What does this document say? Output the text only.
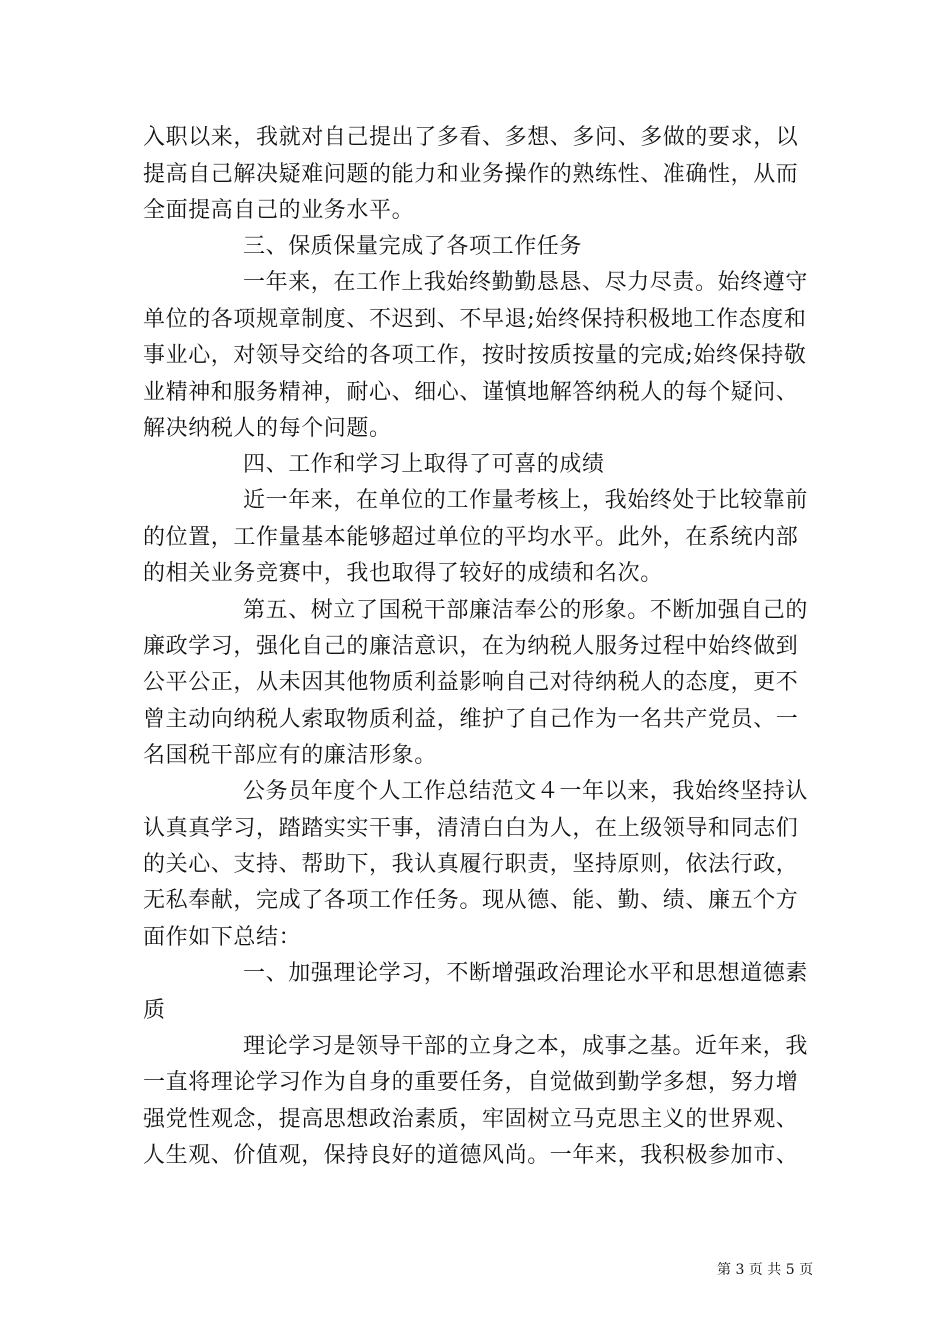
入职以来，我就对自己提出了多看、多想、多问、多做的要求，以
提高自己解决疑难问题的能力和业务操作的熟练性、准确性，从而
全面提高自己的业务水平。
三、保质保量完成了各项工作任务
一年来，在工作上我始终勤勤恳恳、尽力尽责。始终遵守
单位的各项规章制度、不迟到、不早退;始终保持积极地工作态度和
事业心，对领导交给的各项工作，按时按质按量的完成;始终保持敬
业精神和服务精神，耐心、细心、谨慎地解答纳税人的每个疑问、
解决纳税人的每个问题。
四、工作和学习上取得了可喜的成绩
近一年来，在单位的工作量考核上，我始终处于比较靠前
的位置，工作量基本能够超过单位的平均水平。此外，在系统内部
的相关业务竞赛中，我也取得了较好的成绩和名次。
第五、树立了国税干部廉洁奉公的形象。不断加强自己的
廉政学习，强化自己的廉洁意识，在为纳税人服务过程中始终做到
公平公正，从未因其他物质利益影响自己对待纳税人的态度，更不
曾主动向纳税人索取物质利益，维护了自己作为一名共产党员、一
名国税干部应有的廉洁形象。
公务员年度个人工作总结范文４一年以来，我始终坚持认
认真真学习，踏踏实实干事，清清白白为人，在上级领导和同志们
的关心、支持、帮助下，我认真履行职责，坚持原则，依法行政，
无私奉献，完成了各项工作任务。现从德、能、勤、绩、廉五个方
面作如下总结：
一、加强理论学习，不断增强政治理论水平和思想道德素
质
理论学习是领导干部的立身之本，成事之基。近年来，我
一直将理论学习作为自身的重要任务，自觉做到勤学多想，努力增
强党性观念，提高思想政治素质，牢固树立马克思主义的世界观、
人生观、价值观，保持良好的道德风尚。一年来，我积极参加市、
第 3 页 共 5 页
